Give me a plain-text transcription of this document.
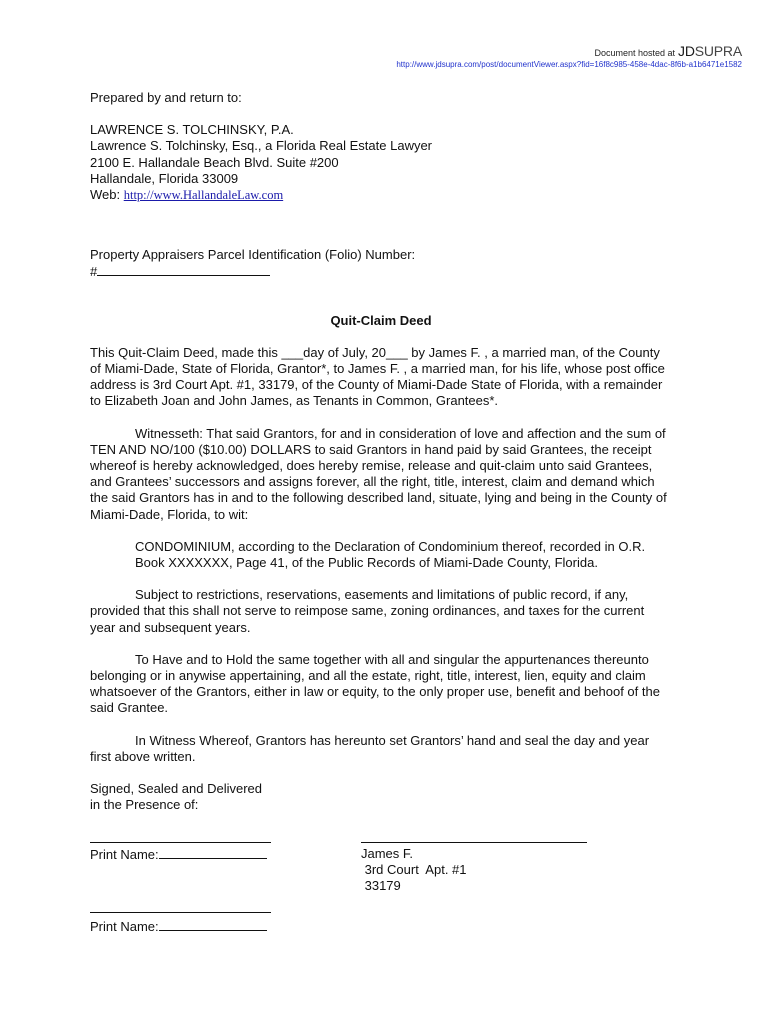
Document hosted at JDSUPRA
http://www.jdsupra.com/post/documentViewer.aspx?fid=16f8c985-458e-4dac-8f6b-a1b6471e1582

Prepared by and return to:

LAWRENCE S. TOLCHINSKY, P.A.

Lawrence S. Tolchinsky, Esq., a Florida Real Estate Lawyer

2100 E. Hallandale Beach Blvd. Suite #200

Hallandale, Florida 33009

Web: http://www.HallandaleLaw.com

Property Appraisers Parcel Identification (Folio) Number:

#

Quit-Claim Deed

This Quit-Claim Deed, made this ___day of July, 20___ by James F. , a married man, of the County of Miami-Dade, State of Florida, Grantor*, to James F. , a married man, for his life, whose post office address is 3rd Court Apt. #1, 33179, of the County of Miami-Dade State of Florida, with a remainder to Elizabeth Joan and John James, as Tenants in Common, Grantees*.

Witnesseth: That said Grantors, for and in consideration of love and affection and the sum of TEN AND NO/100 ($10.00) DOLLARS to said Grantors in hand paid by said Grantees, the receipt whereof is hereby acknowledged, does hereby remise, release and quit-claim unto said Grantees, and Grantees’ successors and assigns forever, all the right, title, interest, claim and demand which the said Grantors has in and to the following described land, situate, lying and being in the County of Miami-Dade, Florida, to wit:

CONDOMINIUM, according to the Declaration of Condominium thereof, recorded in O.R. Book XXXXXXX, Page 41, of the Public Records of Miami-Dade County, Florida.

Subject to restrictions, reservations, easements and limitations of public record, if any, provided that this shall not serve to reimpose same, zoning ordinances, and taxes for the current year and subsequent years.

To Have and to Hold the same together with all and singular the appurtenances thereunto belonging or in anywise appertaining, and all the estate, right, title, interest, lien, equity and claim whatsoever of the Grantors, either in law or equity, to the only proper use, benefit and behoof of the said Grantee.

In Witness Whereof, Grantors has hereunto set Grantors’ hand and seal the day and year first above written.

Signed, Sealed and Delivered

in the Presence of:

Print Name:	James F.
3rd Court  Apt. #1
33179
Print Name:
